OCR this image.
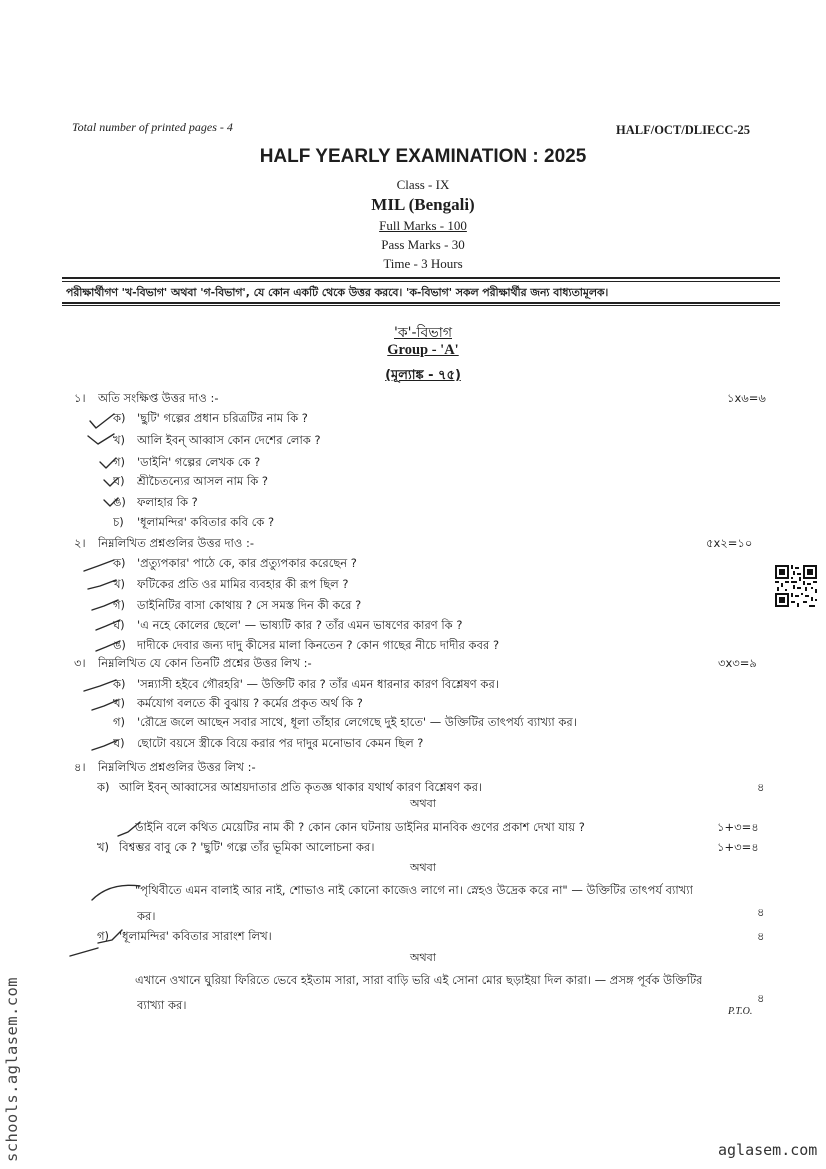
Total number of printed pages - 4	HALF/OCT/DLIECC-25
HALF YEARLY EXAMINATION : 2025
Class - IX
MIL (Bengali)
Full Marks - 100
Pass Marks - 30
Time - 3 Hours
পরীক্ষার্থীগণ 'খ-বিভাগ' অথবা 'গ-বিভাগ', যে কোন একটি থেকে উত্তর করবে। 'ক-বিভাগ' সকল পরীক্ষার্থীর জন্য বাধ্যতামূলক।
'ক'-বিভাগ
Group - 'A'
(মূল্যাঙ্ক - ৭৫)
১। অতি সংক্ষিপ্ত উত্তর দাও :-	১x৬=৬
ক) 'ছুটি' গল্পের প্রধান চরিত্রটির নাম কি ?
খ) আলি ইবন্ আব্বাস কোন দেশের লোক ?
গ) 'ডাইনি' গল্পের লেখক কে ?
ঘ) শ্রীচৈতন্যের আসল নাম কি ?
ঙ) ফলাহার কি ?
চ) 'ধূলামন্দির' কবিতার কবি কে ?
২। নিম্নলিখিত প্রশ্নগুলির উত্তর দাও :-	৫x২=১০
ক) 'প্রত্যুপকার' পাঠে কে, কার প্রত্যুপকার করেছেন ?
খ) ফটিকের প্রতি ওর মামির ব্যবহার কী রূপ ছিল ?
গ) ডাইনিটির বাসা কোথায় ? সে সমস্ত দিন কী করে ?
ঘ) 'এ নহে কোলের ছেলে' — ভাষ্যটি কার ? তাঁর এমন ভাষণের কারণ কি ?
ঙ) দাদীকে দেবার জন্য দাদু কীসের মালা কিনতেন ? কোন গাছের নীচে দাদীর কবর ?
৩। নিম্নলিখিত যে কোন তিনটি প্রশ্নের উত্তর লিখ :-	৩x৩=৯
ক) 'সন্ন্যাসী হইবে গৌরহরি' — উক্তিটি কার ? তাঁর এমন ধারনার কারণ বিশ্লেষণ কর।
খ) কর্মযোগ বলতে কী বুঝায় ? কর্মের প্রকৃত অর্থ কি ?
গ) 'রৌদ্রে জলে আছেন সবার সাথে, ধূলা তাঁহার লেগেছে দুই হাতে' — উক্তিটির তাৎপর্য্য ব্যাখ্যা কর।
ঘ) ছোটো বয়সে স্ত্রীকে বিয়ে করার পর দাদুর মনোভাব কেমন ছিল ?
৪। নিম্নলিখিত প্রশ্নগুলির উত্তর লিখ :-
ক) আলি ইবন্ আব্বাসের আশ্রয়দাতার প্রতি কৃতজ্ঞ থাকার যথার্থ কারণ বিশ্লেষণ কর।	৪
অথবা
ডাইনি বলে কথিত মেয়েটির নাম কী ? কোন কোন ঘটনায় ডাইনির মানবিক গুণের প্রকাশ দেখা যায় ?	১+৩=৪
খ) বিশ্বম্ভর বাবু কে ? 'ছুটি' গল্পে তাঁর ভূমিকা আলোচনা কর।	১+৩=৪
অথবা
"পৃথিবীতে এমন বালাই আর নাই, শোভাও নাই কোনো কাজেও লাগে না। স্নেহও উদ্রেক করে না" — উক্তিটির তাৎপর্য ব্যাখ্যা
৪
কর।
গ) 'ধূলামন্দির' কবিতার সারাংশ লিখ।	৪
অথবা
এখানে ওখানে ঘুরিয়া ফিরিতে ভেবে হইতাম সারা, সারা বাড়ি ভরি এই সোনা মোর ছড়াইয়া দিল কারা। — প্রসঙ্গ পূর্বক উক্তিটির
৪
ব্যাখ্যা কর।	P.T.O.
schools.aglasem.com	aglasem.com
